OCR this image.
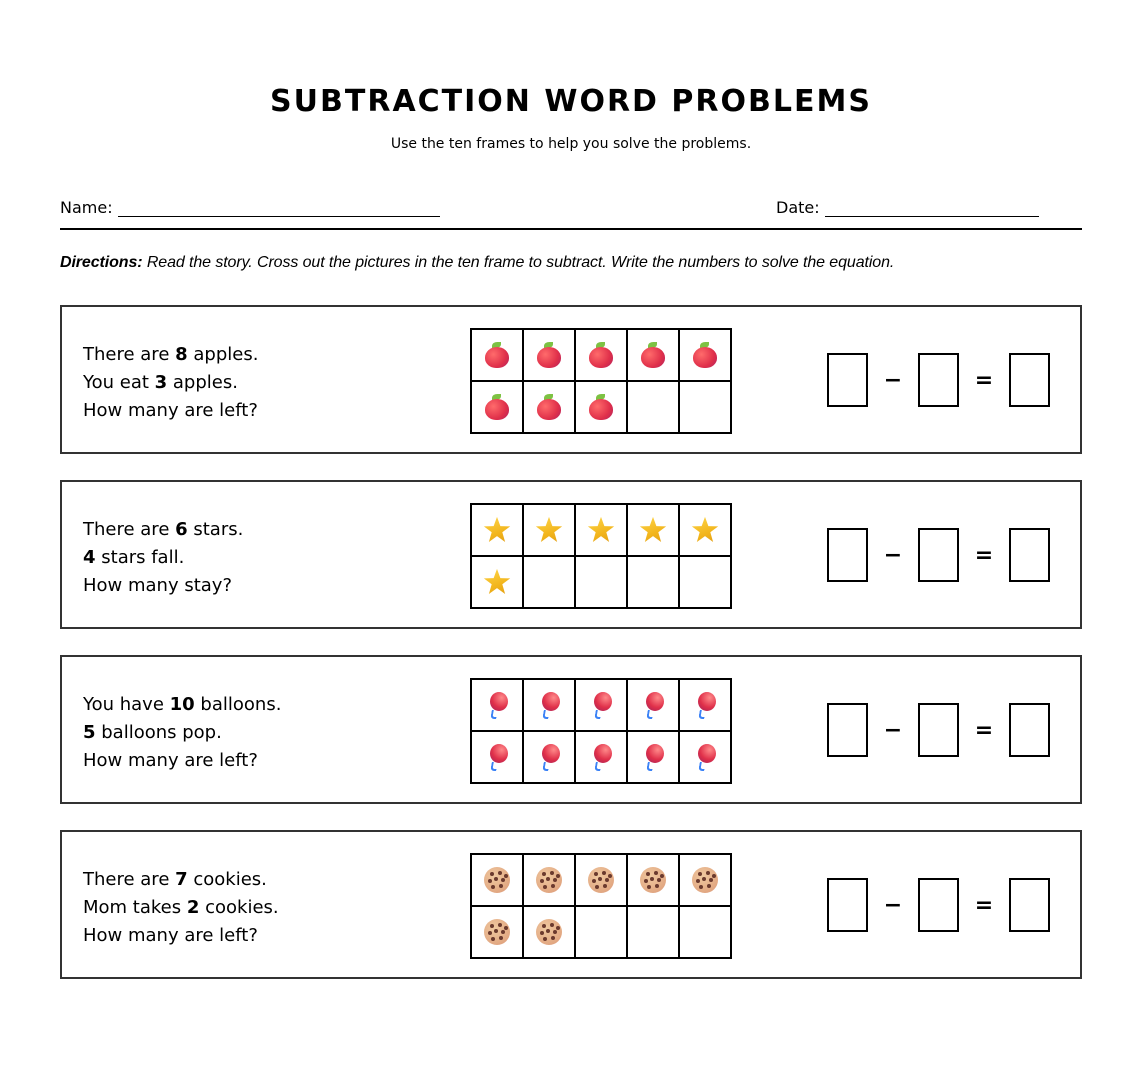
SUBTRACTION WORD PROBLEMS
Use the ten frames to help you solve the problems.
Name:	Date:
Directions: Read the story. Cross out the pictures in the ten frame to subtract. Write the numbers to solve the equation.
There are 8 apples.
You eat 3 apples.
How many are left?
−	=
There are 6 stars.
4 stars fall.
How many stay?
−	=
You have 10 balloons.
5 balloons pop.
How many are left?
−	=
There are 7 cookies.
Mom takes 2 cookies.
How many are left?
−	=
